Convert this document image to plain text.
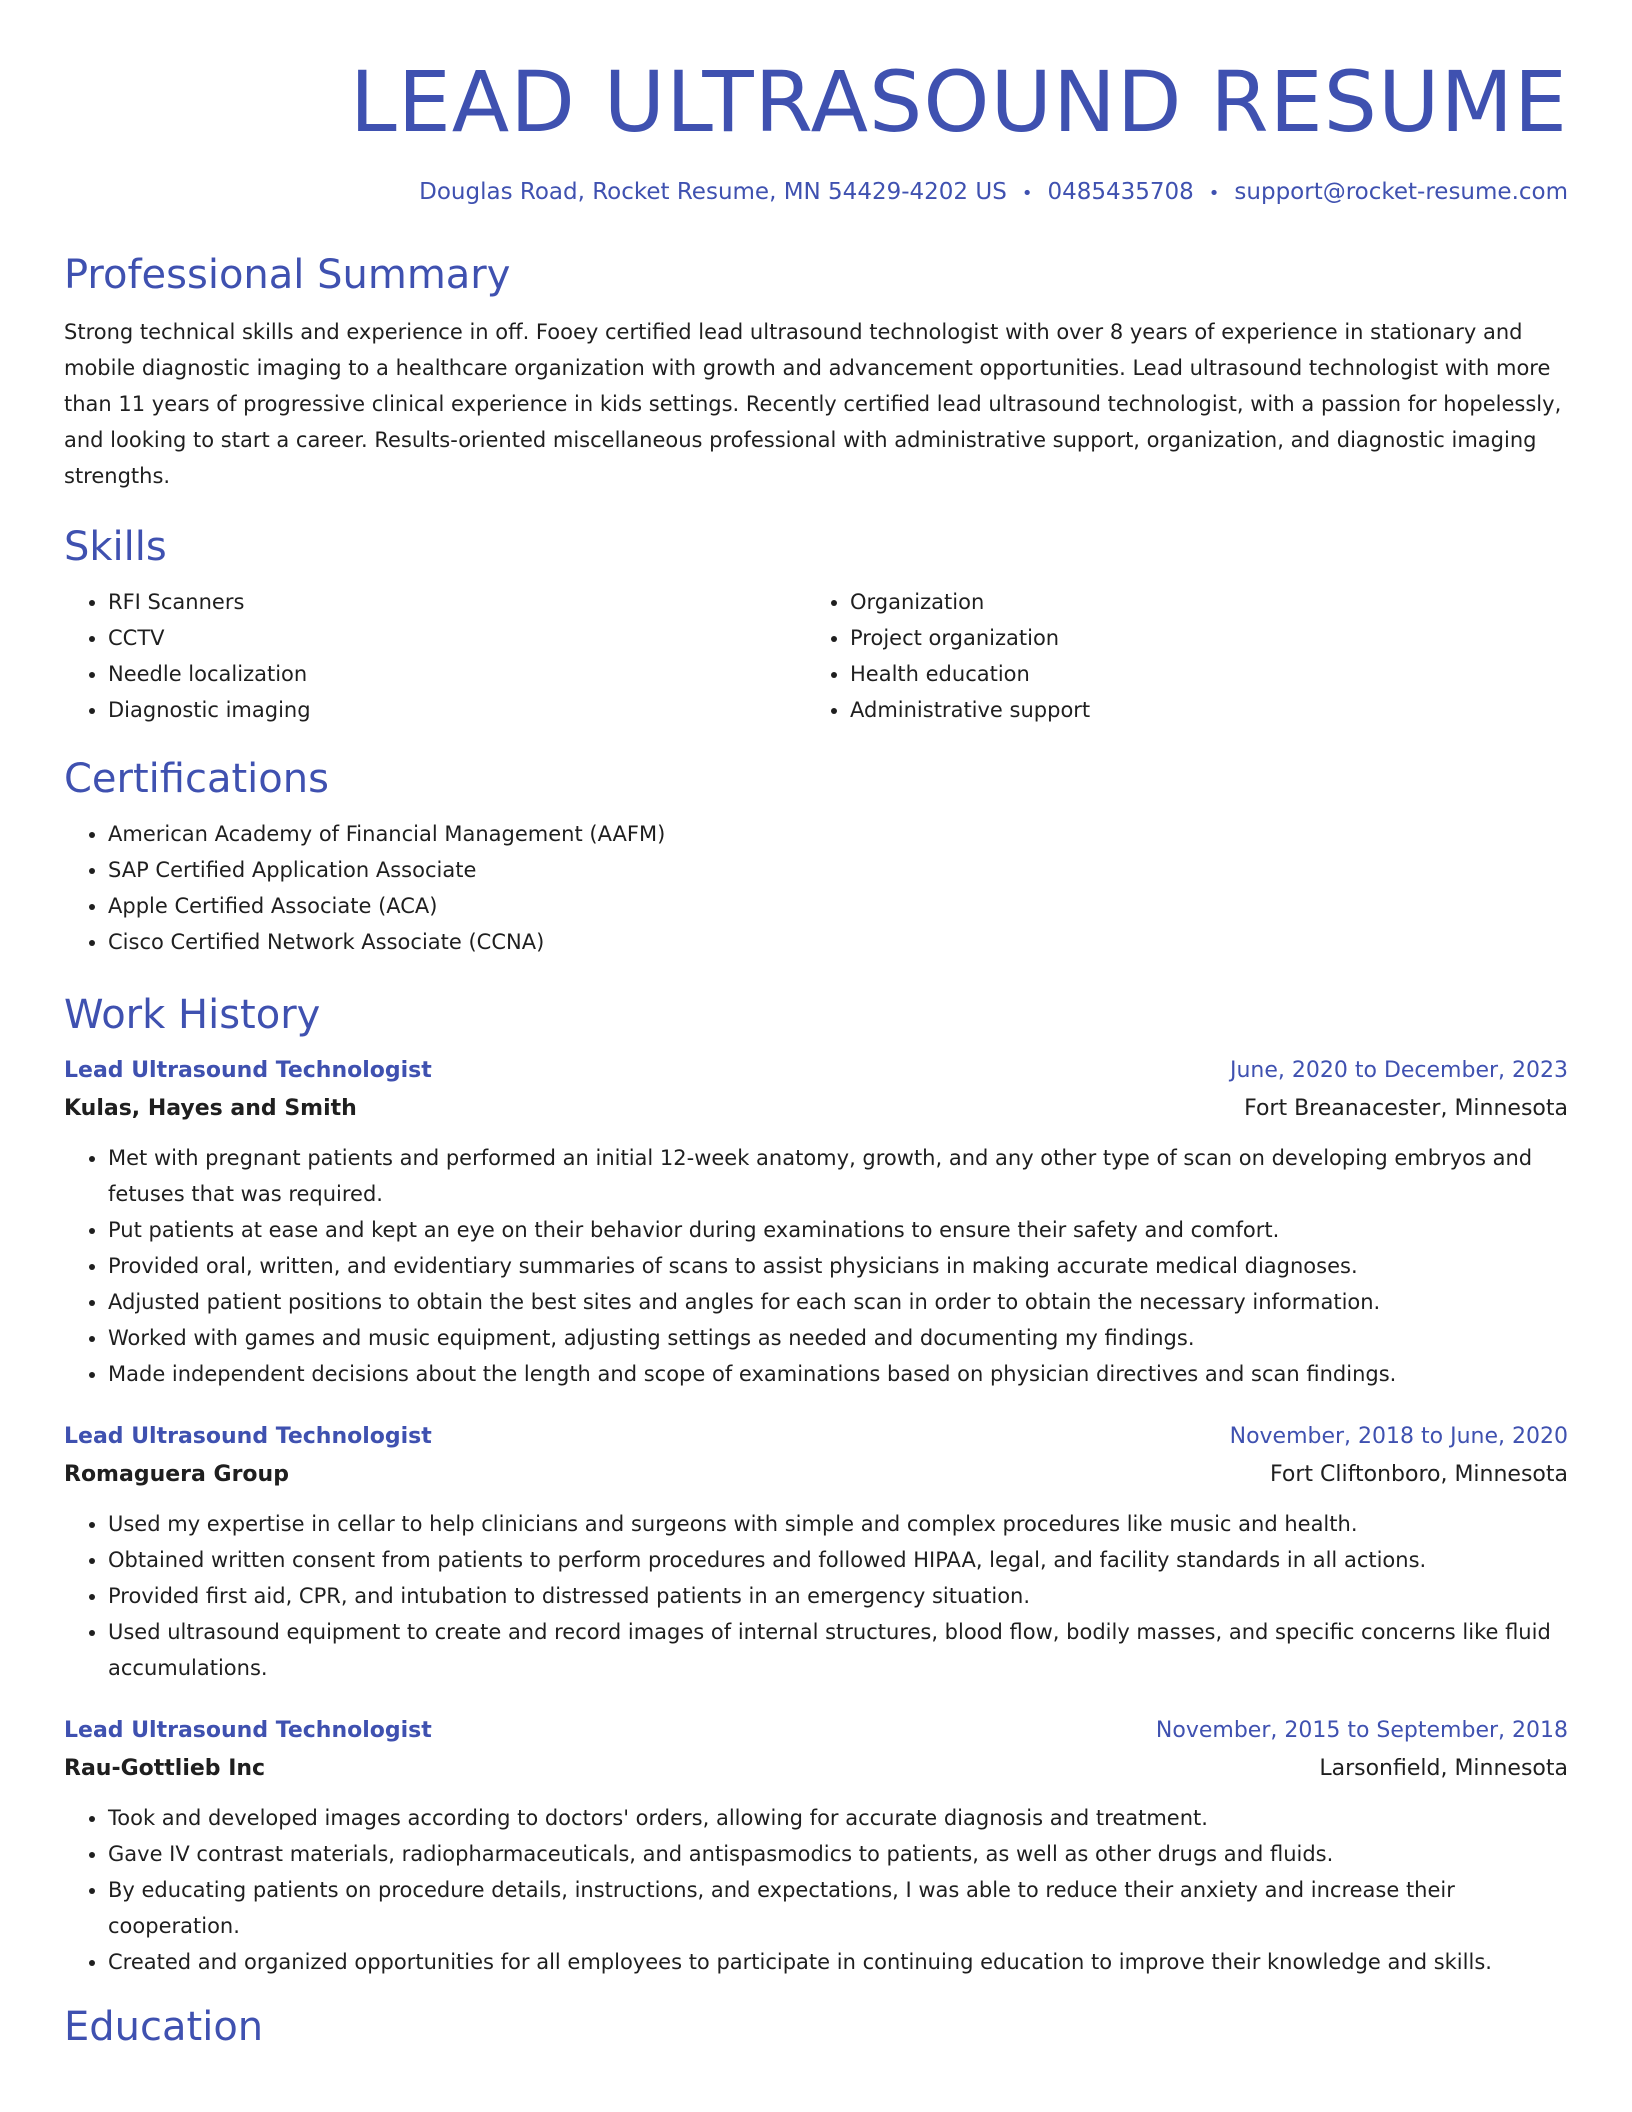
LEAD ULTRASOUND RESUME
Douglas Road, Rocket Resume, MN 54429-4202 US • 0485435708 • support@rocket-resume.com
Professional Summary
Strong technical skills and experience in off. Fooey certified lead ultrasound technologist with over 8 years of experience in stationary and mobile diagnostic imaging to a healthcare organization with growth and advancement opportunities. Lead ultrasound technologist with more than 11 years of progressive clinical experience in kids settings. Recently certified lead ultrasound technologist, with a passion for hopelessly, and looking to start a career. Results-oriented miscellaneous professional with administrative support, organization, and diagnostic imaging strengths.
Skills
• RFI Scanners
• CCTV
• Needle localization
• Diagnostic imaging
• Organization
• Project organization
• Health education
• Administrative support
Certifications
• American Academy of Financial Management (AAFM)
• SAP Certified Application Associate
• Apple Certified Associate (ACA)
• Cisco Certified Network Associate (CCNA)
Work History
Lead Ultrasound Technologist	June, 2020 to December, 2023
Kulas, Hayes and Smith	Fort Breanacester, Minnesota
• Met with pregnant patients and performed an initial 12-week anatomy, growth, and any other type of scan on developing embryos and fetuses that was required.
• Put patients at ease and kept an eye on their behavior during examinations to ensure their safety and comfort.
• Provided oral, written, and evidentiary summaries of scans to assist physicians in making accurate medical diagnoses.
• Adjusted patient positions to obtain the best sites and angles for each scan in order to obtain the necessary information.
• Worked with games and music equipment, adjusting settings as needed and documenting my findings.
• Made independent decisions about the length and scope of examinations based on physician directives and scan findings.
Lead Ultrasound Technologist	November, 2018 to June, 2020
Romaguera Group	Fort Cliftonboro, Minnesota
• Used my expertise in cellar to help clinicians and surgeons with simple and complex procedures like music and health.
• Obtained written consent from patients to perform procedures and followed HIPAA, legal, and facility standards in all actions.
• Provided first aid, CPR, and intubation to distressed patients in an emergency situation.
• Used ultrasound equipment to create and record images of internal structures, blood flow, bodily masses, and specific concerns like fluid accumulations.
Lead Ultrasound Technologist	November, 2015 to September, 2018
Rau-Gottlieb Inc	Larsonfield, Minnesota
• Took and developed images according to doctors' orders, allowing for accurate diagnosis and treatment.
• Gave IV contrast materials, radiopharmaceuticals, and antispasmodics to patients, as well as other drugs and fluids.
• By educating patients on procedure details, instructions, and expectations, I was able to reduce their anxiety and increase their cooperation.
• Created and organized opportunities for all employees to participate in continuing education to improve their knowledge and skills.
Education
